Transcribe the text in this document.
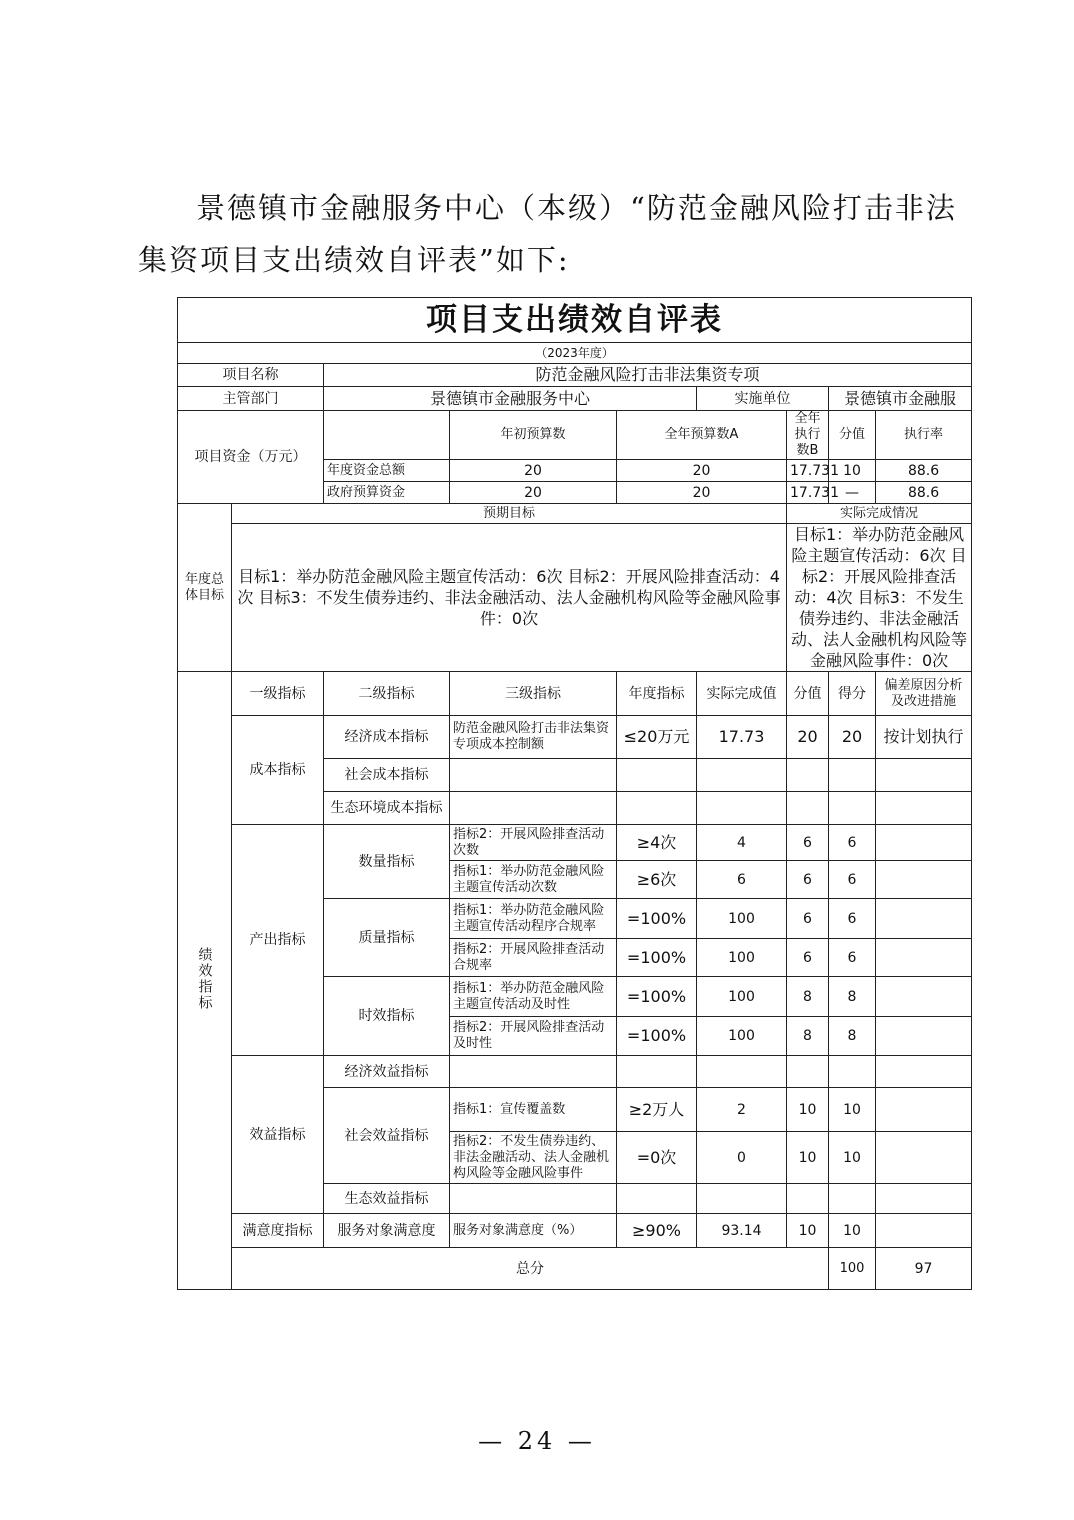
景德镇市金融服务中心（本级）“防范金融风险打击非法集资项目支出绩效自评表”如下:

项目支出绩效自评表									
（2023年度）									
项目名称		防范金融风险打击非法集资专项							
主管部门		景德镇市金融服务中心			实施单位		景德镇市金融服		
项目资金（万元）			年初预算数	全年预算数A		全年执行数B	分值	执行率	
		年度资金总额	20	20		17.731	10	88.6	
		政府预算资金	20	20		17.731	—	88.6	
年度总体目标	预期目标					实际完成情况			
	目标1：举办防范金融风险主题宣传活动：6次 目标2：开展风险排查活动：4次 目标3：不发生债券违约、非法金融活动、法人金融机构风险等金融风险事件：0次					目标1：举办防范金融风险主题宣传活动：6次 目标2：开展风险排查活动：4次 目标3：不发生债券违约、非法金融活动、法人金融机构风险等金融风险事件：0次			
绩效指标	一级指标	二级指标	三级指标	年度指标	实际完成值	分值	得分	偏差原因分析及改进措施	
	成本指标	经济成本指标	防范金融风险打击非法集资专项成本控制额	≤20万元	17.73	20	20	按计划执行	
		社会成本指标							
		生态环境成本指标							
	产出指标	数量指标	指标2：开展风险排查活动次数	≥4次	4	6	6		
			指标1：举办防范金融风险主题宣传活动次数	≥6次	6	6	6		
		质量指标	指标1：举办防范金融风险主题宣传活动程序合规率	=100%	100	6	6		
			指标2：开展风险排查活动合规率	=100%	100	6	6		
		时效指标	指标1：举办防范金融风险主题宣传活动及时性	=100%	100	8	8		
			指标2：开展风险排查活动及时性	=100%	100	8	8		
	效益指标	经济效益指标							
		社会效益指标	指标1：宣传覆盖数	≥2万人	2	10	10		
			指标2：不发生债券违约、非法金融活动、法人金融机构风险等金融风险事件	=0次	0	10	10		
		生态效益指标							
	满意度指标	服务对象满意度	服务对象满意度（%）	≥90%	93.14	10	10		
	总分						100	97	
— 24 —
